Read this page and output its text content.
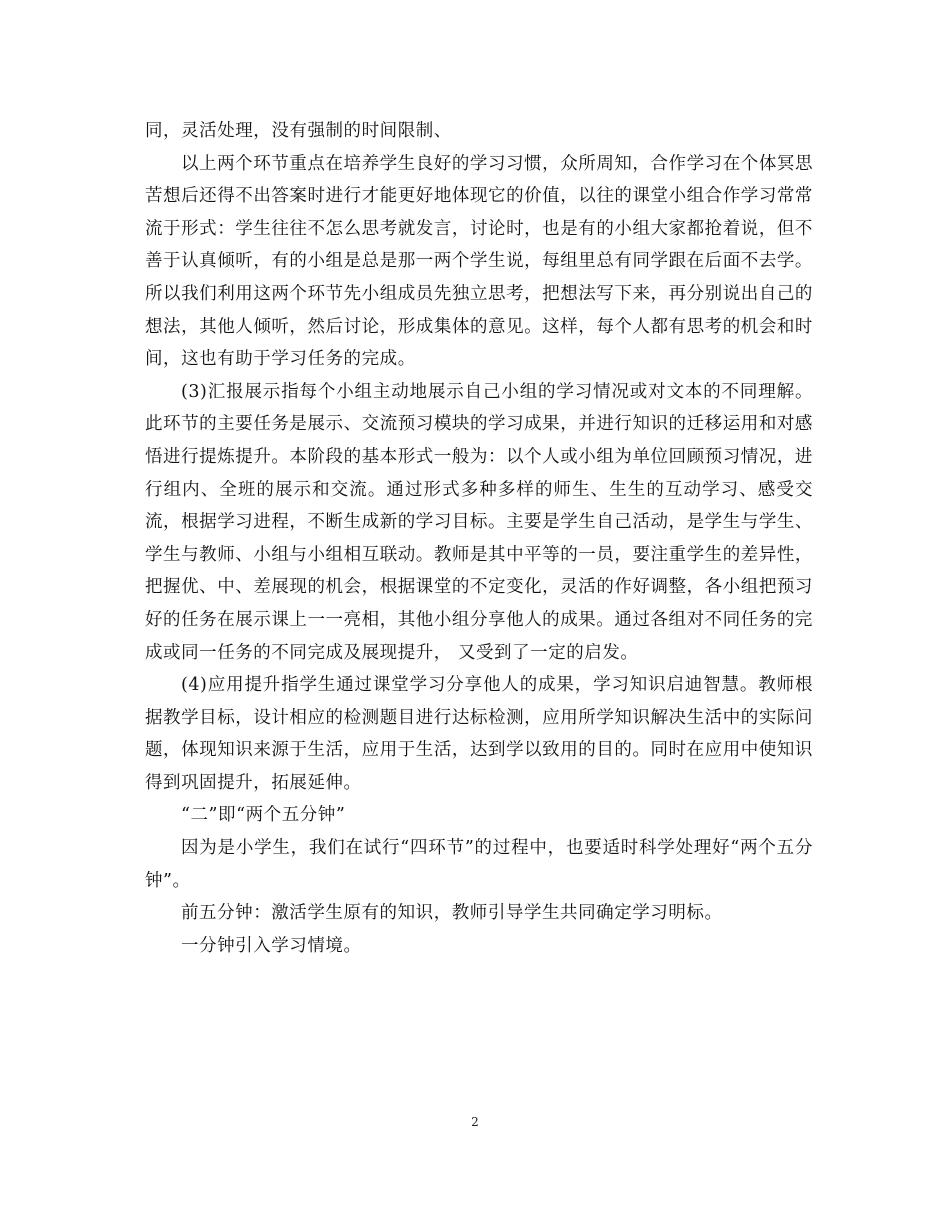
同，灵活处理，没有强制的时间限制、

以上两个环节重点在培养学生良好的学习习惯，众所周知，合作学习在个体冥思苦想后还得不出答案时进行才能更好地体现它的价值，以往的课堂小组合作学习常常流于形式：学生往往不怎么思考就发言，讨论时，也是有的小组大家都抢着说，但不善于认真倾听，有的小组是总是那一两个学生说，每组里总有同学跟在后面不去学。所以我们利用这两个环节先小组成员先独立思考，把想法写下来，再分别说出自己的想法，其他人倾听，然后讨论，形成集体的意见。这样，每个人都有思考的机会和时间，这也有助于学习任务的完成。

(3)汇报展示指每个小组主动地展示自己小组的学习情况或对文本的不同理解。此环节的主要任务是展示、交流预习模块的学习成果，并进行知识的迁移运用和对感悟进行提炼提升。本阶段的基本形式一般为：以个人或小组为单位回顾预习情况，进行组内、全班的展示和交流。通过形式多种多样的师生、生生的互动学习、感受交流，根据学习进程，不断生成新的学习目标。主要是学生自己活动，是学生与学生、学生与教师、小组与小组相互联动。教师是其中平等的一员，要注重学生的差异性，把握优、中、差展现的机会，根据课堂的不定变化，灵活的作好调整，各小组把预习好的任务在展示课上一一亮相，其他小组分享他人的成果。通过各组对不同任务的完成或同一任务的不同完成及展现提升， 又受到了一定的启发。

(4)应用提升指学生通过课堂学习分享他人的成果，学习知识启迪智慧。教师根据教学目标，设计相应的检测题目进行达标检测，应用所学知识解决生活中的实际问题，体现知识来源于生活，应用于生活，达到学以致用的目的。同时在应用中使知识得到巩固提升，拓展延伸。

“二”即“两个五分钟”

因为是小学生，我们在试行“四环节”的过程中，也要适时科学处理好“两个五分钟”。

前五分钟：激活学生原有的知识，教师引导学生共同确定学习明标。

一分钟引入学习情境。

2
